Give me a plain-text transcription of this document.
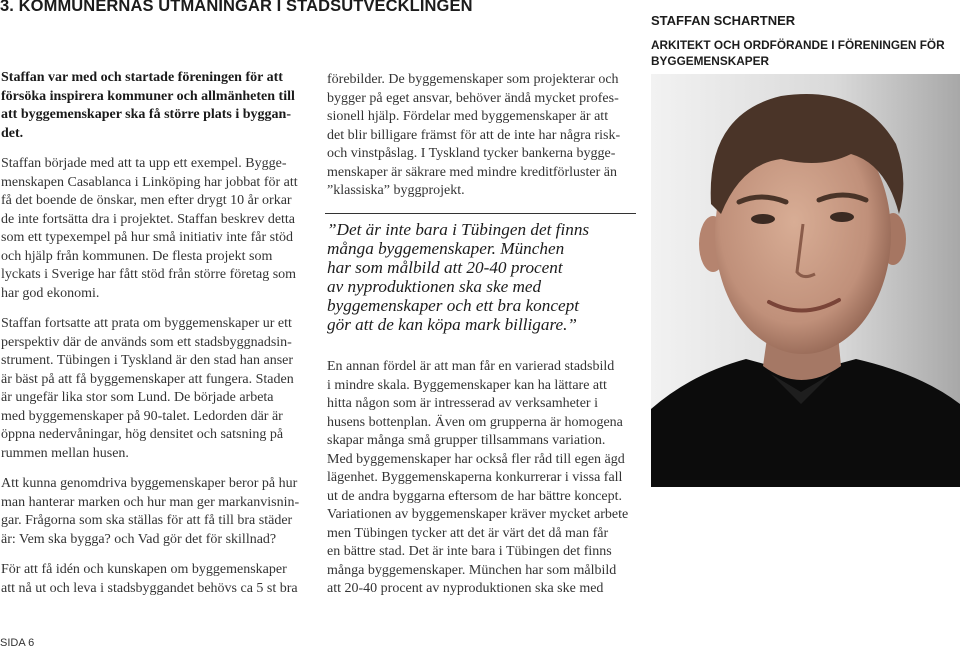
3. KOMMUNERNAS UTMANINGAR I STADSUTVECKLINGEN
STAFFAN SCHARTNER
ARKITEKT OCH ORDFÖRANDE I FÖRENINGEN FÖR BYGGEMENSKAPER

Staffan var med och startade föreningen för att

försöka inspirera kommuner och allmänheten till

att byggemenskaper ska få större plats i byggan-

det.

Staffan började med att ta upp ett exempel. Bygge-

menskapen Casablanca i Linköping har jobbat för att

få det boende de önskar, men efter drygt 10 år orkar

de inte fortsätta dra i projektet. Staffan beskrev detta

som ett typexempel på hur små initiativ inte får stöd

och hjälp från kommunen. De flesta projekt som

lyckats i Sverige har fått stöd från större företag som

har god ekonomi.

Staffan fortsatte att prata om byggemenskaper ur ett

perspektiv där de används som ett stadsbyggnadsin-

strument. Tübingen i Tyskland är den stad han anser

är bäst på att få byggemenskaper att fungera. Staden

är ungefär lika stor som Lund. De började arbeta

med byggemenskaper på 90-talet. Ledorden där är

öppna nedervåningar, hög densitet och satsning på

rummen mellan husen.

Att kunna genomdriva byggemenskaper beror på hur

man hanterar marken och hur man ger markanvisnin-

gar. Frågorna som ska ställas för att få till bra städer

är: Vem ska bygga? och Vad gör det för skillnad?

För att få idén och kunskapen om byggemenskaper

att nå ut och leva i stadsbyggandet behövs ca 5 st bra

förebilder. De byggemenskaper som projekterar och

bygger på eget ansvar, behöver ändå mycket profes-

sionell hjälp. Fördelar med byggemenskaper är att

det blir billigare främst för att de inte har några risk-

och vinstpåslag. I Tyskland tycker bankerna bygge-

menskaper är säkrare med mindre kreditförluster än

”klassiska” byggprojekt.

”Det är inte bara i Tübingen det finns
många byggemenskaper. München
har som målbild att 20-40 procent
av nyproduktionen ska ske med
byggemenskaper och ett bra koncept
gör att de kan köpa mark billigare.”

En annan fördel är att man får en varierad stadsbild

i mindre skala. Byggemenskaper kan ha lättare att

hitta någon som är intresserad av verksamheter i

husens bottenplan. Även om grupperna är homogena

skapar många små grupper tillsammans variation.

Med byggemenskaper har också fler råd till egen ägd

lägenhet. Byggemenskaperna konkurrerar i vissa fall

ut de andra byggarna eftersom de har bättre koncept.

Variationen av byggemenskaper kräver mycket arbete

men Tübingen tycker att det är värt det då man får

en bättre stad. Det är inte bara i Tübingen det finns

många byggemenskaper. München har som målbild

att 20-40 procent av nyproduktionen ska ske med

SIDA 6
